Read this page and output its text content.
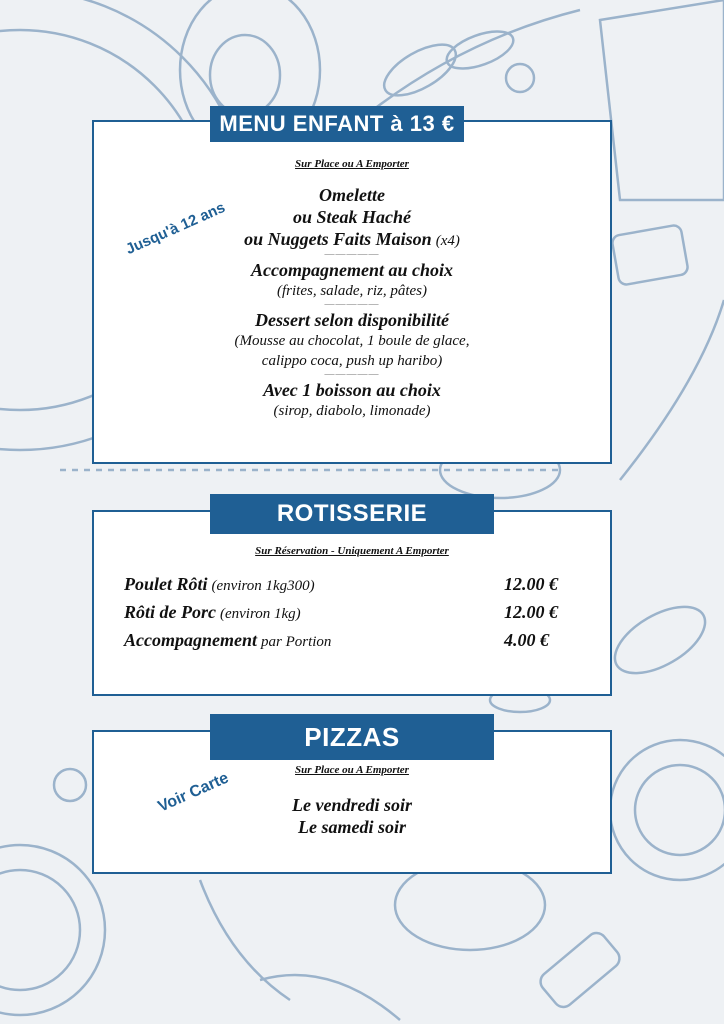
MENU ENFANT à 13 €
Sur Place ou A Emporter
Omelette
ou Steak Haché
ou Nuggets Faits Maison (x4)
—————
Accompagnement au choix
(frites, salade, riz, pâtes)
—————
Dessert selon disponibilité
(Mousse au chocolat, 1 boule de glace,
calippo coca, push up haribo)
—————
Avec 1 boisson au choix
(sirop, diabolo, limonade)
Jusqu'à 12 ans
ROTISSERIE
Sur Réservation - Uniquement A Emporter
Poulet Rôti (environ 1kg300)	12.00 €
Rôti de Porc (environ 1kg)	12.00 €
Accompagnement par Portion	4.00 €
PIZZAS
Sur Place ou A Emporter
Le vendredi soir
Le samedi soir
Voir Carte
